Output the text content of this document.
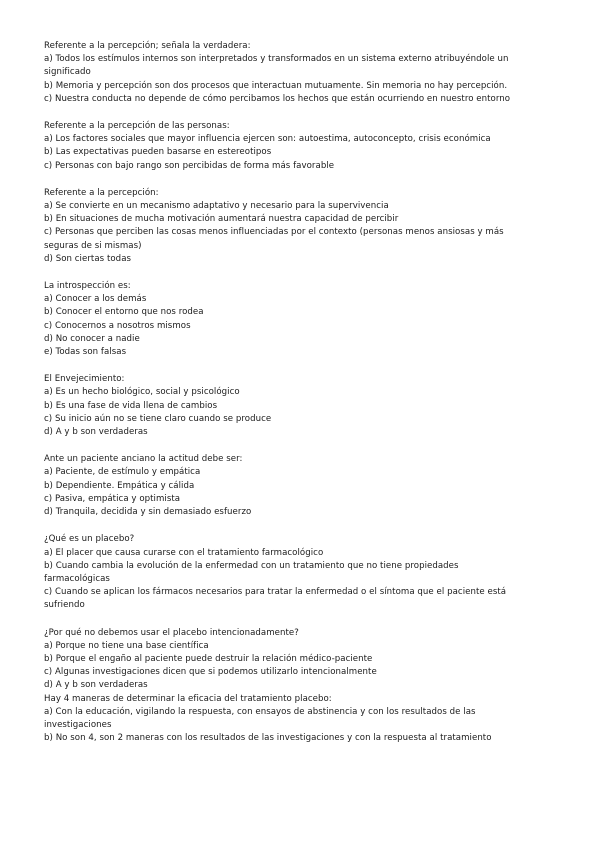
Referente a la percepción; señala la verdadera:
a) Todos los estímulos internos son interpretados y transformados en un sistema externo atribuyéndole un significado
b) Memoria y percepción son dos procesos que interactuan mutuamente. Sin memoria no hay percepción.
c) Nuestra conducta no depende de cómo percibamos los hechos que están ocurriendo en nuestro entorno
Referente a la percepción de las personas:
a) Los factores sociales que mayor influencia ejercen son: autoestima, autoconcepto, crisis económica
b) Las expectativas pueden basarse en estereotipos
c) Personas con bajo rango son percibidas de forma más favorable
Referente a la percepción:
a) Se convierte en un mecanismo adaptativo y necesario para la supervivencia
b) En situaciones de mucha motivación aumentará nuestra capacidad de percibir
c) Personas que perciben las cosas menos influenciadas por el contexto (personas menos ansiosas y más seguras de si mismas)
d) Son ciertas todas
La introspección es:
a) Conocer a los demás
b) Conocer el entorno que nos rodea
c) Conocernos a nosotros mismos
d) No conocer a nadie
e) Todas son falsas
El Envejecimiento:
a) Es un hecho biológico, social y psicológico
b) Es una fase de vida llena de cambios
c) Su inicio aún no se tiene claro cuando se produce
d) A y b son verdaderas
Ante un paciente anciano la actitud debe ser:
a) Paciente, de estímulo y empática
b) Dependiente. Empática y cálida
c) Pasiva, empática y optimista
d) Tranquila, decidida y sin demasiado esfuerzo
¿Qué es un placebo?
a) El placer que causa curarse con el tratamiento farmacológico
b) Cuando cambia la evolución de la enfermedad con un tratamiento que no tiene propiedades farmacológicas
c) Cuando se aplican los fármacos necesarios para tratar la enfermedad o el síntoma que el paciente está sufriendo
¿Por qué no debemos usar el placebo intencionadamente?
a) Porque no tiene una base científica
b) Porque el engaño al paciente puede destruir la relación médico-paciente
c) Algunas investigaciones dicen que si podemos utilizarlo intencionalmente
d) A y b son verdaderas
Hay 4 maneras de determinar la eficacia del tratamiento placebo:
a) Con la educación, vigilando la respuesta, con ensayos de abstinencia y con los resultados de las investigaciones
b) No son 4, son 2 maneras con los resultados de las investigaciones y con la respuesta al tratamiento
